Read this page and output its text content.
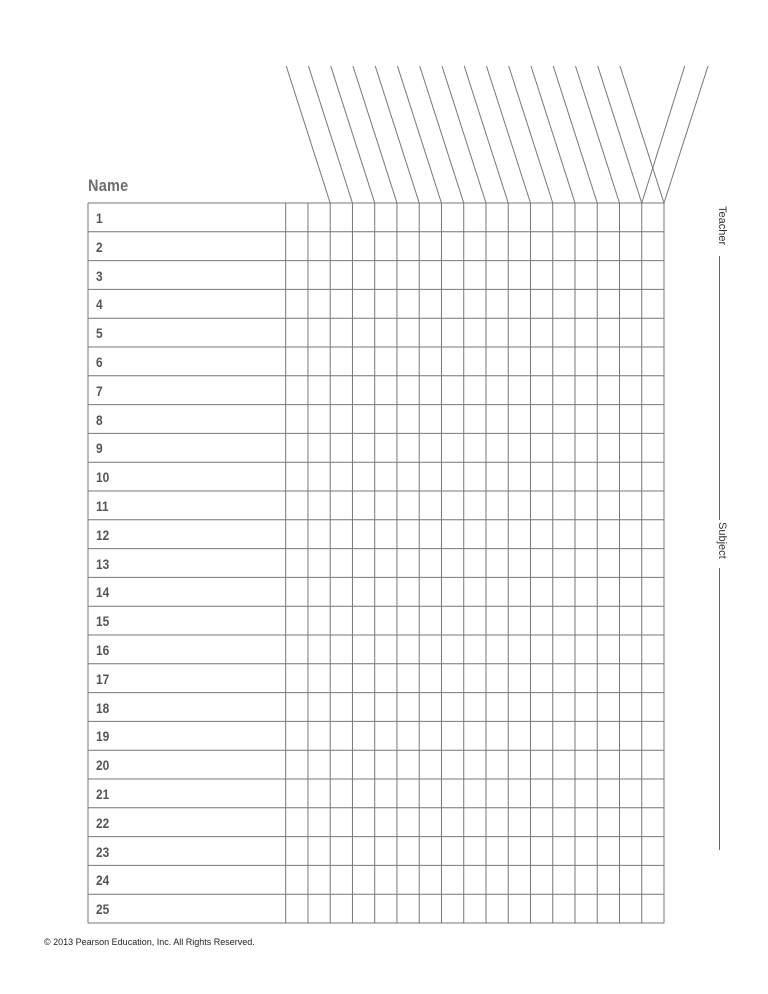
Name
1
2
3
4
5
6
7
8
9
10
11
12
13
14
15
16
17
18
19
20
21
22
23
24
25
Teacher
Subject
© 2013 Pearson Education, Inc. All Rights Reserved.
